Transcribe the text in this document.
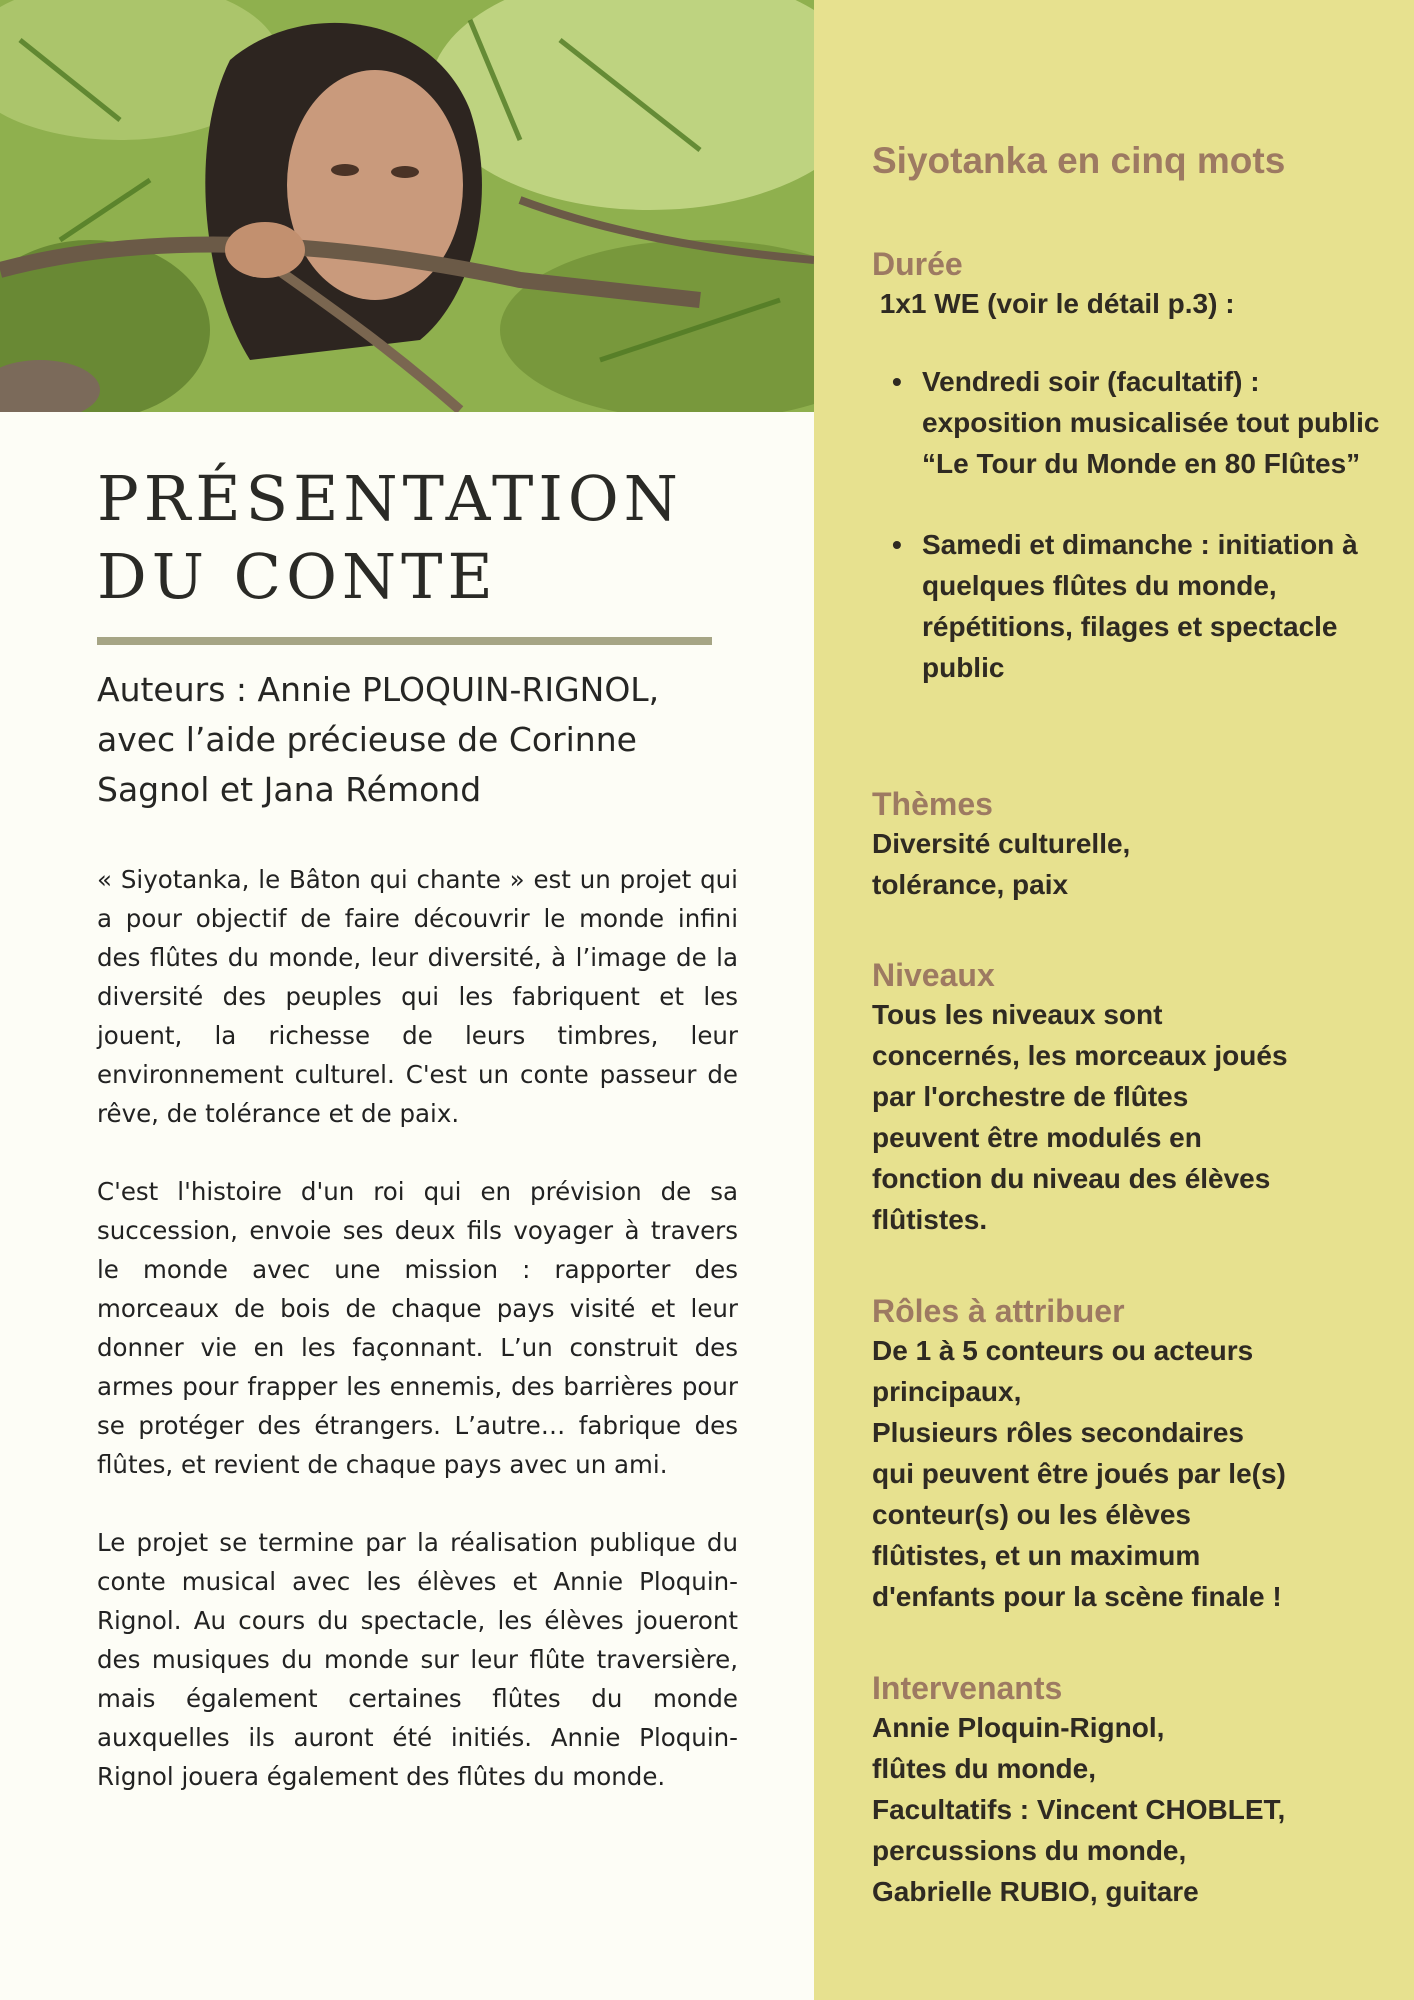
PRÉSENTATION
DU CONTE

Auteurs : Annie PLOQUIN-RIGNOL, avec l’aide précieuse de Corinne Sagnol et Jana Rémond

« Siyotanka, le Bâton qui chante » est un projet qui a pour objectif de faire découvrir le monde infini des flûtes du monde, leur diversité, à l’image de la diversité des peuples qui les fabriquent et les jouent, la richesse de leurs timbres, leur environnement culturel. C'est un conte passeur de rêve, de tolérance et de paix.

C'est l'histoire d'un roi qui en prévision de sa succession, envoie ses deux fils voyager à travers le monde avec une mission : rapporter des morceaux de bois de chaque pays visité et leur donner vie en les façonnant. L’un construit des armes pour frapper les ennemis, des barrières pour se protéger des étrangers. L’autre… fabrique des flûtes, et revient de chaque pays avec un ami.

Le projet se termine par la réalisation publique du conte musical avec les élèves et Annie Ploquin-Rignol. Au cours du spectacle, les élèves joueront des musiques du monde sur leur flûte traversière, mais également certaines flûtes du monde auxquelles ils auront été initiés. Annie Ploquin-Rignol jouera également des flûtes du monde.

Siyotanka en cinq mots

Durée

1x1 WE (voir le détail p.3) :

• Vendredi soir (facultatif) : exposition musicalisée tout public “Le Tour du Monde en 80 Flûtes”
• Samedi et dimanche : initiation à quelques flûtes du monde, répétitions, filages et spectacle public

Thèmes

Diversité culturelle,
tolérance, paix

Niveaux

Tous les niveaux sont
concernés, les morceaux joués
par l'orchestre de flûtes
peuvent être modulés en
fonction du niveau des élèves
flûtistes.

Rôles à attribuer

De 1 à 5 conteurs ou acteurs
principaux,
Plusieurs rôles secondaires
qui peuvent être joués par le(s)
conteur(s) ou les élèves
flûtistes, et un maximum
d'enfants pour la scène finale !

Intervenants

Annie Ploquin-Rignol,
flûtes du monde,
Facultatifs : Vincent CHOBLET,
percussions du monde,
Gabrielle RUBIO, guitare
